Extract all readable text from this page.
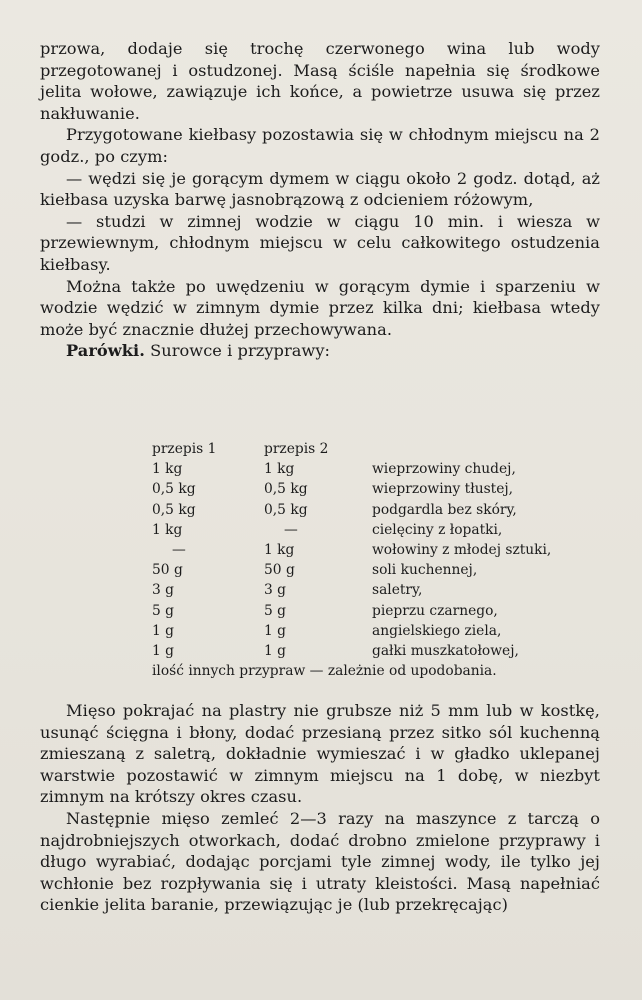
przowa, dodaje się trochę czerwonego wina lub wody przegotowanej i ostudzonej. Masą ściśle napełnia się środkowe jelita wołowe, zawiązuje ich końce, a powietrze usuwa się przez nakłuwanie.

Przygotowane kiełbasy pozostawia się w chłodnym miejscu na 2 godz., po czym:

— wędzi się je gorącym dymem w ciągu około 2 godz. dotąd, aż kiełbasa uzyska barwę jasnobrązową z odcieniem różowym,

— studzi w zimnej wodzie w ciągu 10 min. i wiesza w przewiewnym, chłodnym miejscu w celu całkowitego ostudzenia kiełbasy.

Można także po uwędzeniu w gorącym dymie i sparzeniu w wodzie wędzić w zimnym dymie przez kilka dni; kiełbasa wtedy może być znacznie dłużej przechowywana.

Parówki. Surowce i przyprawy:

przepis 1	przepis 2	
1 kg	1 kg	wieprzowiny chudej,
0,5 kg	0,5 kg	wieprzowiny tłustej,
0,5 kg	0,5 kg	podgardla bez skóry,
1 kg	—	cielęciny z łopatki,
—	1 kg	wołowiny z młodej sztuki,
50 g	50 g	soli kuchennej,
3 g	3 g	saletry,
5 g	5 g	pieprzu czarnego,
1 g	1 g	angielskiego ziela,
1 g	1 g	gałki muszkatołowej,
ilość innych przypraw — zależnie od upodobania.		

Mięso pokrajać na plastry nie grubsze niż 5 mm lub w kostkę, usunąć ścięgna i błony, dodać przesianą przez sitko sól kuchenną zmieszaną z saletrą, dokładnie wymieszać i w gładko uklepanej warstwie pozostawić w zimnym miejscu na 1 dobę, w niezbyt zimnym na krótszy okres czasu.

Następnie mięso zemleć 2—3 razy na maszynce z tarczą o najdrobniejszych otworkach, dodać drobno zmielone przyprawy i długo wyrabiać, dodając porcjami tyle zimnej wody, ile tylko jej wchłonie bez rozpływania się i utraty kleistości. Masą napełniać cienkie jelita baranie, przewiązując je (lub przekręcając)
